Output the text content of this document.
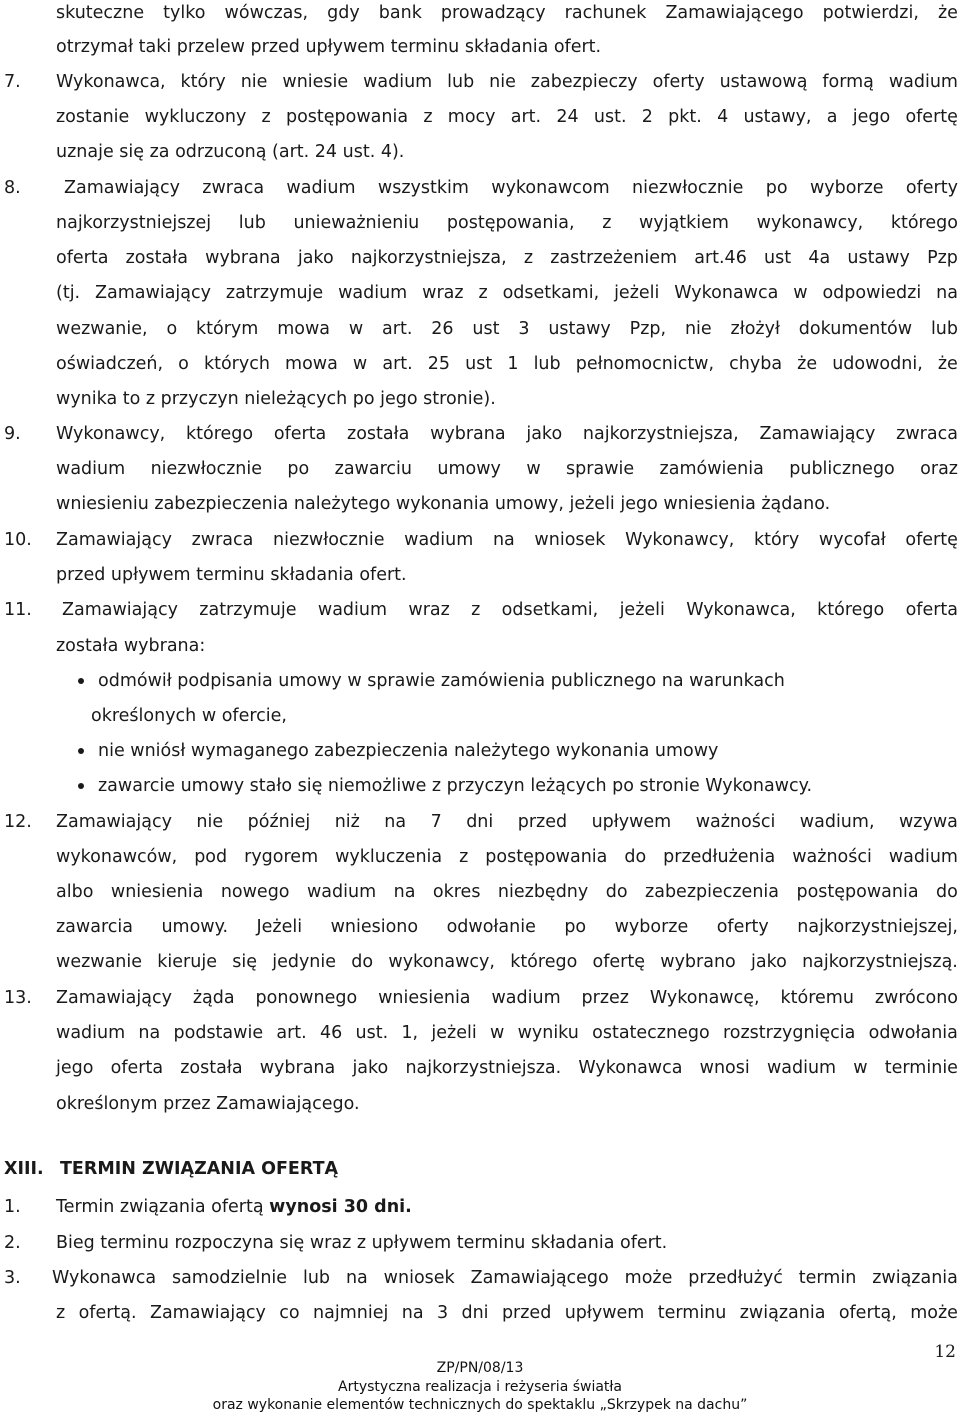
skuteczne tylko wówczas, gdy bank prowadzący rachunek Zamawiającego potwierdzi, że
otrzymał taki przelew przed upływem terminu składania ofert.
7. Wykonawca, który nie wniesie wadium lub nie zabezpieczy oferty ustawową formą wadium
zostanie wykluczony z postępowania z mocy art. 24 ust. 2 pkt. 4 ustawy, a jego ofertę
uznaje się za odrzuconą (art. 24 ust. 4).
8. Zamawiający zwraca wadium wszystkim wykonawcom niezwłocznie po wyborze oferty
najkorzystniejszej lub unieważnieniu postępowania, z wyjątkiem wykonawcy, którego
oferta została wybrana jako najkorzystniejsza, z zastrzeżeniem art.46 ust 4a ustawy Pzp
(tj. Zamawiający zatrzymuje wadium wraz z odsetkami, jeżeli Wykonawca w odpowiedzi na
wezwanie, o którym mowa w art. 26 ust 3 ustawy Pzp, nie złożył dokumentów lub
oświadczeń, o których mowa w art. 25 ust 1 lub pełnomocnictw, chyba że udowodni, że
wynika to z przyczyn nieleżących po jego stronie).
9. Wykonawcy, którego oferta została wybrana jako najkorzystniejsza, Zamawiający zwraca
wadium niezwłocznie po zawarciu umowy w sprawie zamówienia publicznego oraz
wniesieniu zabezpieczenia należytego wykonania umowy, jeżeli jego wniesienia żądano.
10. Zamawiający zwraca niezwłocznie wadium na wniosek Wykonawcy, który wycofał ofertę
przed upływem terminu składania ofert.
11. Zamawiający zatrzymuje wadium wraz z odsetkami, jeżeli Wykonawca, którego oferta
została wybrana:
odmówił podpisania umowy w sprawie zamówienia publicznego na warunkach
określonych w ofercie,
nie wniósł wymaganego zabezpieczenia należytego wykonania umowy
zawarcie umowy stało się niemożliwe z przyczyn leżących po stronie Wykonawcy.
12. Zamawiający nie później niż na 7 dni przed upływem ważności wadium, wzywa
wykonawców, pod rygorem wykluczenia z postępowania do przedłużenia ważności wadium
albo wniesienia nowego wadium na okres niezbędny do zabezpieczenia postępowania do
zawarcia umowy. Jeżeli wniesiono odwołanie po wyborze oferty najkorzystniejszej,
wezwanie kieruje się jedynie do wykonawcy, którego ofertę wybrano jako najkorzystniejszą.
13. Zamawiający żąda ponownego wniesienia wadium przez Wykonawcę, któremu zwrócono
wadium na podstawie art. 46 ust. 1, jeżeli w wyniku ostatecznego rozstrzygnięcia odwołania
jego oferta została wybrana jako najkorzystniejsza. Wykonawca wnosi wadium w terminie
określonym przez Zamawiającego.
XIII. TERMIN ZWIĄZANIA OFERTĄ
1. Termin związania ofertą wynosi 30 dni.
2. Bieg terminu rozpoczyna się wraz z upływem terminu składania ofert.
3. Wykonawca samodzielnie lub na wniosek Zamawiającego może przedłużyć termin związania
z ofertą. Zamawiający co najmniej na 3 dni przed upływem terminu związania ofertą, może
12
ZP/PN/08/13
Artystyczna realizacja i reżyseria światła
oraz wykonanie elementów technicznych do spektaklu „Skrzypek na dachu”
